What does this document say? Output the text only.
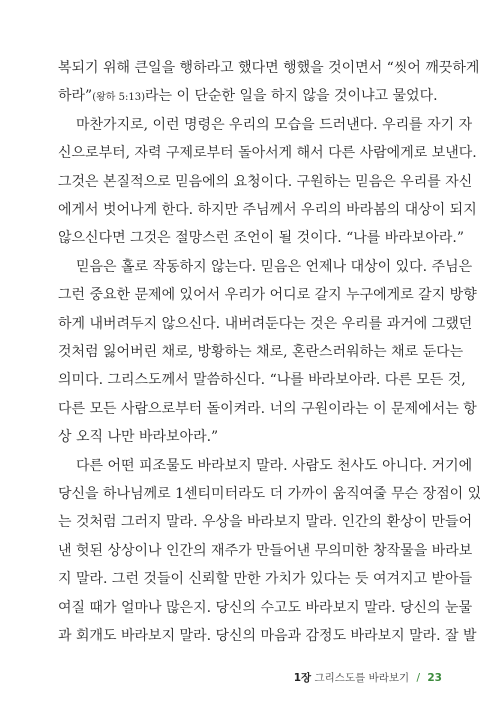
복되기 위해 큰일을 행하라고 했다면 행했을 것이면서 “씻어 깨끗하게
하라”(왕하 5:13)라는 이 단순한 일을 하지 않을 것이냐고 물었다.
마찬가지로, 이런 명령은 우리의 모습을 드러낸다. 우리를 자기 자
신으로부터, 자력 구제로부터 돌아서게 해서 다른 사람에게로 보낸다.
그것은 본질적으로 믿음에의 요청이다. 구원하는 믿음은 우리를 자신
에게서 벗어나게 한다. 하지만 주님께서 우리의 바라봄의 대상이 되지
않으신다면 그것은 절망스런 조언이 될 것이다. “나를 바라보아라.”
믿음은 홀로 작동하지 않는다. 믿음은 언제나 대상이 있다. 주님은
그런 중요한 문제에 있어서 우리가 어디로 갈지 누구에게로 갈지 방향
하게 내버려두지 않으신다. 내버려둔다는 것은 우리를 과거에 그랬던
것처럼 잃어버린 채로, 방황하는 채로, 혼란스러워하는 채로 둔다는
의미다. 그리스도께서 말씀하신다. “나를 바라보아라. 다른 모든 것,
다른 모든 사람으로부터 돌이켜라. 너의 구원이라는 이 문제에서는 항
상 오직 나만 바라보아라.”
다른 어떤 피조물도 바라보지 말라. 사람도 천사도 아니다. 거기에
당신을 하나님께로 1센티미터라도 더 가까이 움직여줄 무슨 장점이 있
는 것처럼 그러지 말라. 우상을 바라보지 말라. 인간의 환상이 만들어
낸 헛된 상상이나 인간의 재주가 만들어낸 무의미한 창작물을 바라보
지 말라. 그런 것들이 신뢰할 만한 가치가 있다는 듯 여겨지고 받아들
여질 때가 얼마나 많은지. 당신의 수고도 바라보지 말라. 당신의 눈물
과 회개도 바라보지 말라. 당신의 마음과 감정도 바라보지 말라. 잘 발
1장 그리스도를 바라보기 / 23
